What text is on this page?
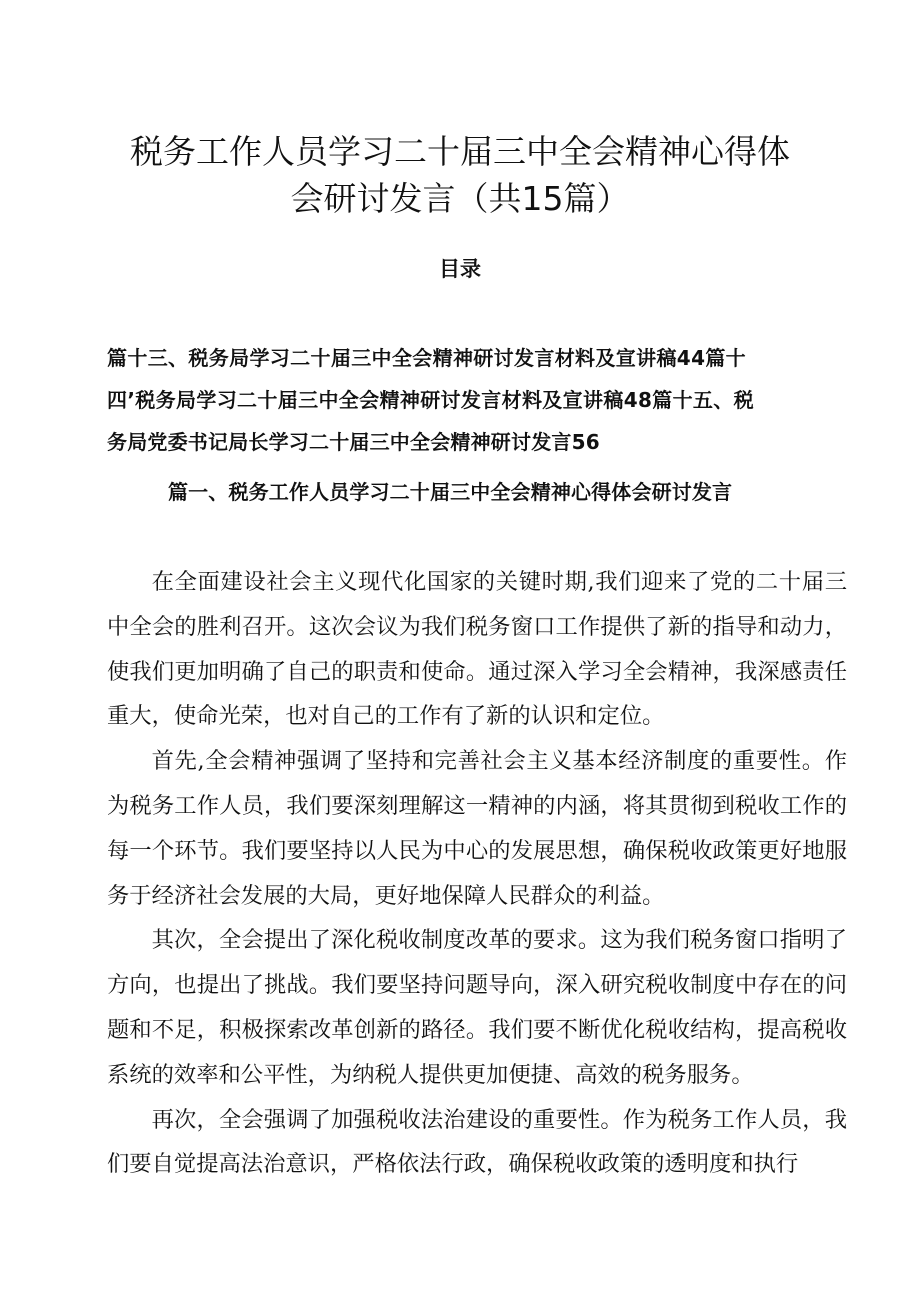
税务工作人员学习二十届三中全会精神心得体
会研讨发言（共15篇）
目录
篇十三、税务局学习二十届三中全会精神研讨发言材料及宣讲稿44篇十
四’税务局学习二十届三中全会精神研讨发言材料及宣讲稿48篇十五、税
务局党委书记局长学习二十届三中全会精神研讨发言56
篇一、税务工作人员学习二十届三中全会精神心得体会研讨发言

在全面建设社会主义现代化国家的关键时期,我们迎来了党的二十届三中全会的胜利召开。这次会议为我们税务窗口工作提供了新的指导和动力，使我们更加明确了自己的职责和使命。通过深入学习全会精神，我深感责任重大，使命光荣，也对自己的工作有了新的认识和定位。

首先,全会精神强调了坚持和完善社会主义基本经济制度的重要性。作为税务工作人员，我们要深刻理解这一精神的内涵，将其贯彻到税收工作的每一个环节。我们要坚持以人民为中心的发展思想，确保税收政策更好地服务于经济社会发展的大局，更好地保障人民群众的利益。

其次，全会提出了深化税收制度改革的要求。这为我们税务窗口指明了方向，也提出了挑战。我们要坚持问题导向，深入研究税收制度中存在的问题和不足，积极探索改革创新的路径。我们要不断优化税收结构，提高税收系统的效率和公平性，为纳税人提供更加便捷、高效的税务服务。

再次，全会强调了加强税收法治建设的重要性。作为税务工作人员，我们要自觉提高法治意识，严格依法行政，确保税收政策的透明度和执行
